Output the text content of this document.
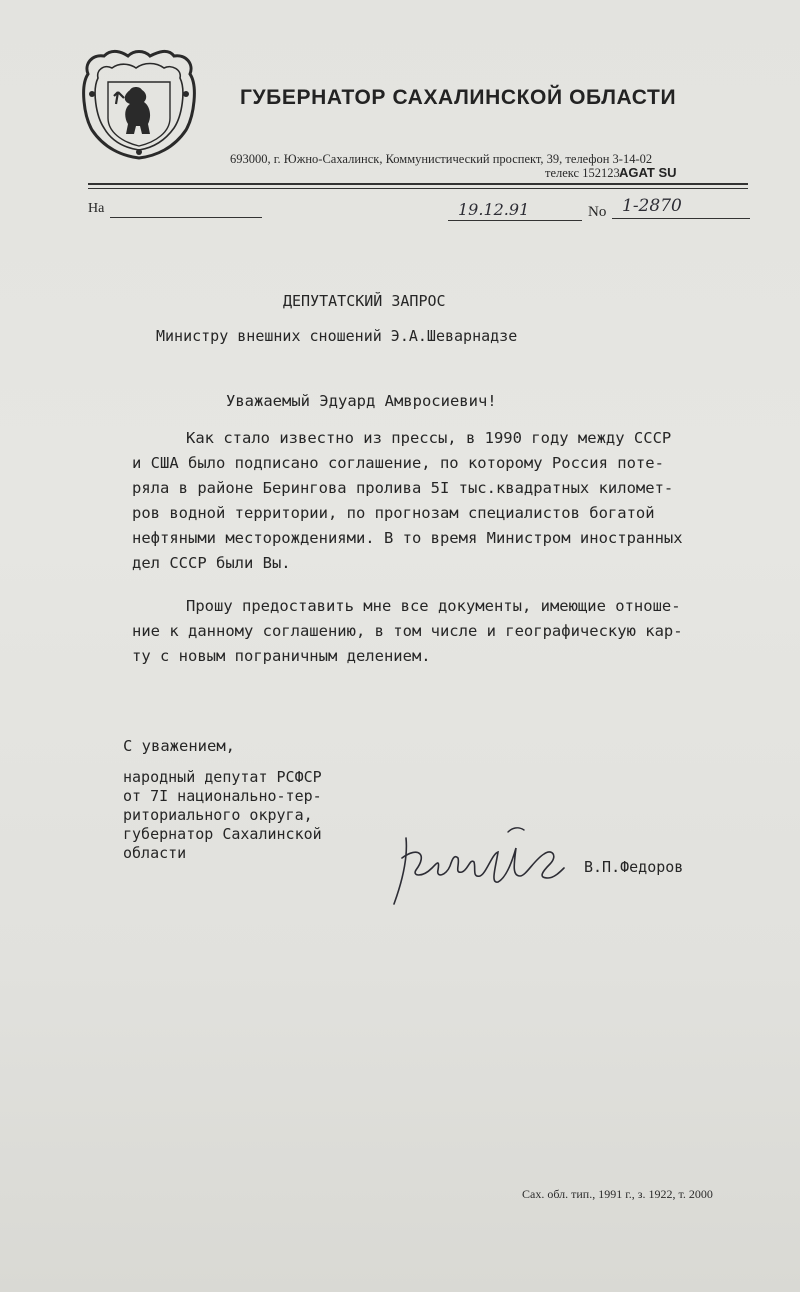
ГУБЕРНАТОР САХАЛИНСКОЙ ОБЛАСТИ
693000, г. Южно-Сахалинск, Коммунистический проспект, 39, телефон 3-14-02
телекс 152123 AGAT SU
На	19.12.91	No 1-2870
ДЕПУТАТСКИЙ ЗАПРОС
Министру внешних сношений Э.А.Шеварнадзе
Уважаемый Эдуард Амвросиевич!
Как стало известно из прессы, в 1990 году между СССР
и США было подписано соглашение, по которому Россия поте-
ряла в районе Берингова пролива 5I тыс.квадратных километ-
ров водной территории, по прогнозам специалистов богатой
нефтяными месторождениями. В то время Министром иностранных
дел СССР были Вы.
Прошу предоставить мне все документы, имеющие отноше-
ние к данному соглашению, в том числе и географическую кар-
ту с новым пограничным делением.
С уважением,
народный депутат РСФСР
от 7I национально-тер-
риториального округа,
губернатор Сахалинской
области
В.П.Федоров
Сах. обл. тип., 1991 г., з. 1922, т. 2000
